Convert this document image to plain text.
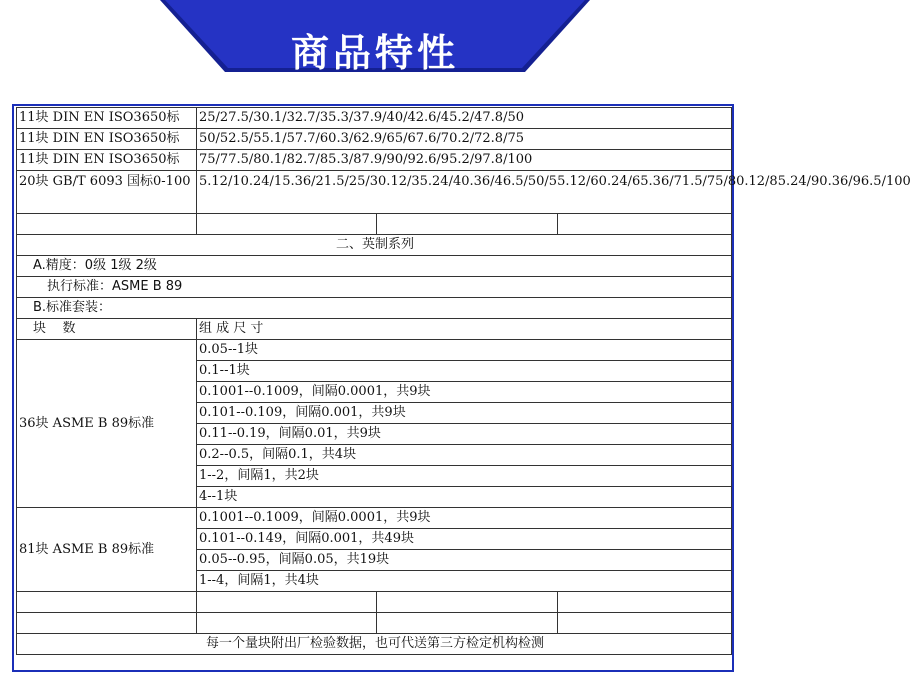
商品特性
11块 DIN EN ISO3650标	25/27.5/30.1/32.7/35.3/37.9/40/42.6/45.2/47.8/50		
11块 DIN EN ISO3650标	50/52.5/55.1/57.7/60.3/62.9/65/67.6/70.2/72.8/75		
11块 DIN EN ISO3650标	75/77.5/80.1/82.7/85.3/87.9/90/92.6/95.2/97.8/100		
20块 GB/T 6093 国标0-100	5.12/10.24/15.36/21.5/25/30.12/35.24/40.36/46.5/50/55.12/60.24/65.36/71.5/75/80.12/85.24/90.36/96.5/100		

二、英制系列			
A.精度：0级 1级 2级			
执行标准：ASME B 89			
B.标准套装：			
块    数	组 成 尺 寸		
36块 ASME B 89标准	0.05--1块		
	0.1--1块		
	0.1001--0.1009，间隔0.0001，共9块		
	0.101--0.109，间隔0.001，共9块		
	0.11--0.19，间隔0.01，共9块		
	0.2--0.5，间隔0.1，共4块		
	1--2，间隔1，共2块		
	4--1块		
81块 ASME B 89标准	0.1001--0.1009，间隔0.0001，共9块		
	0.101--0.149，间隔0.001，共49块		
	0.05--0.95，间隔0.05，共19块		
	1--4，间隔1，共4块		

每一个量块附出厂检验数据，也可代送第三方检定机构检测			
